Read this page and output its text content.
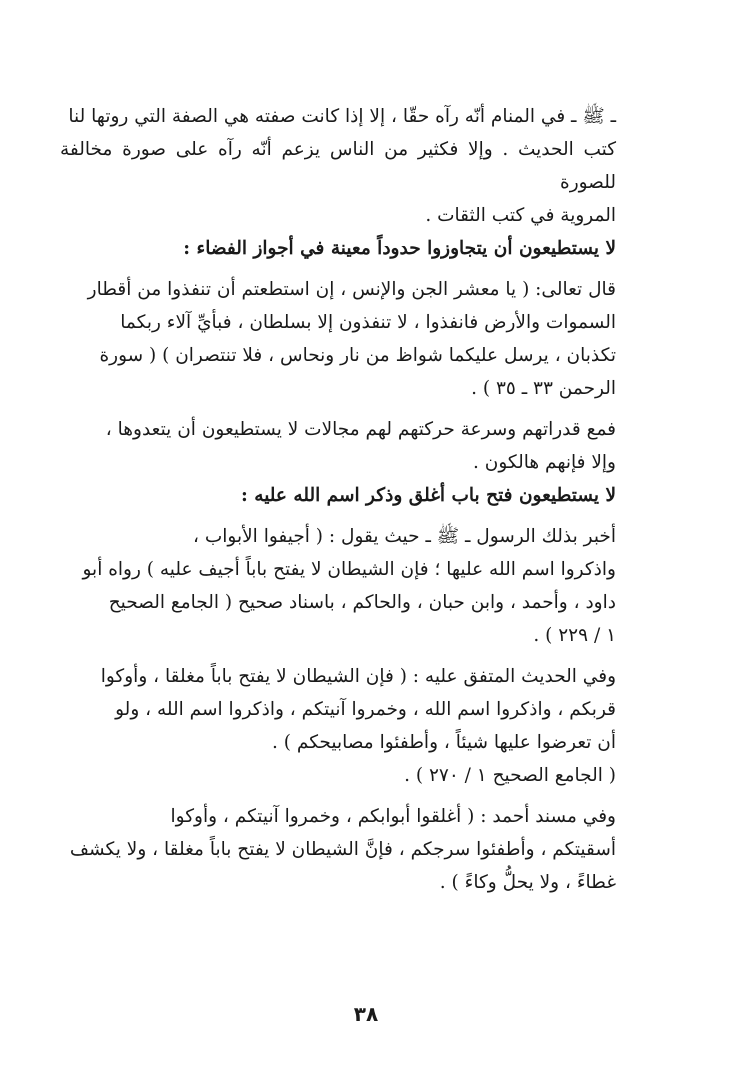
ـ ﷺ ـ في المنام أنّه رآه حقّا ، إلا إذا كانت صفته هي الصفة التي روتها لنا
كتب الحديث . وإلا فكثير من الناس يزعم أنّه رآه على صورة مخالفة للصورة
المروية في كتب الثقات .

لا يستطيعون أن يتجاوزوا حدوداً معينة في أجواز الفضاء :

قال تعالى: ( يا معشر الجن والإنس ، إن استطعتم أن تنفذوا من أقطار
السموات والأرض فانفذوا ، لا تنفذون إلا بسلطان ، فبأيِّ آلاء ربكما
تكذبان ، يرسل عليكما شواظ من نار ونحاس ، فلا تنتصران ) ( سورة
الرحمن ٣٣ ـ ٣٥ ) .

فمع قدراتهم وسرعة حركتهم لهم مجالات لا يستطيعون أن يتعدوها ،
وإلا فإنهم هالكون .

لا يستطيعون فتح باب أغلق وذكر اسم الله عليه :

أخبر بذلك الرسول ـ ﷺ ـ حيث يقول : ( أجيفوا الأبواب ،
واذكروا اسم الله عليها ؛ فإن الشيطان لا يفتح باباً أجيف عليه ) رواه أبو
داود ، وأحمد ، وابن حبان ، والحاكم ، باسناد صحيح ( الجامع الصحيح
١ / ٢٢٩ ) .

وفي الحديث المتفق عليه : ( فإن الشيطان لا يفتح باباً مغلقا ، وأوكوا
قربكم ، واذكروا اسم الله ، وخمروا آنيتكم ، واذكروا اسم الله ، ولو
أن تعرضوا عليها شيئاً ، وأطفئوا مصابيحكم ) .
( الجامع الصحيح ١ / ٢٧٠ ) .

وفي مسند أحمد : ( أغلقوا أبوابكم ، وخمروا آنيتكم ، وأوكوا
أسقيتكم ، وأطفئوا سرجكم ، فإنَّ الشيطان لا يفتح باباً مغلقا ، ولا يكشف
غطاءً ، ولا يحلُّ وكاءً ) .

٣٨
